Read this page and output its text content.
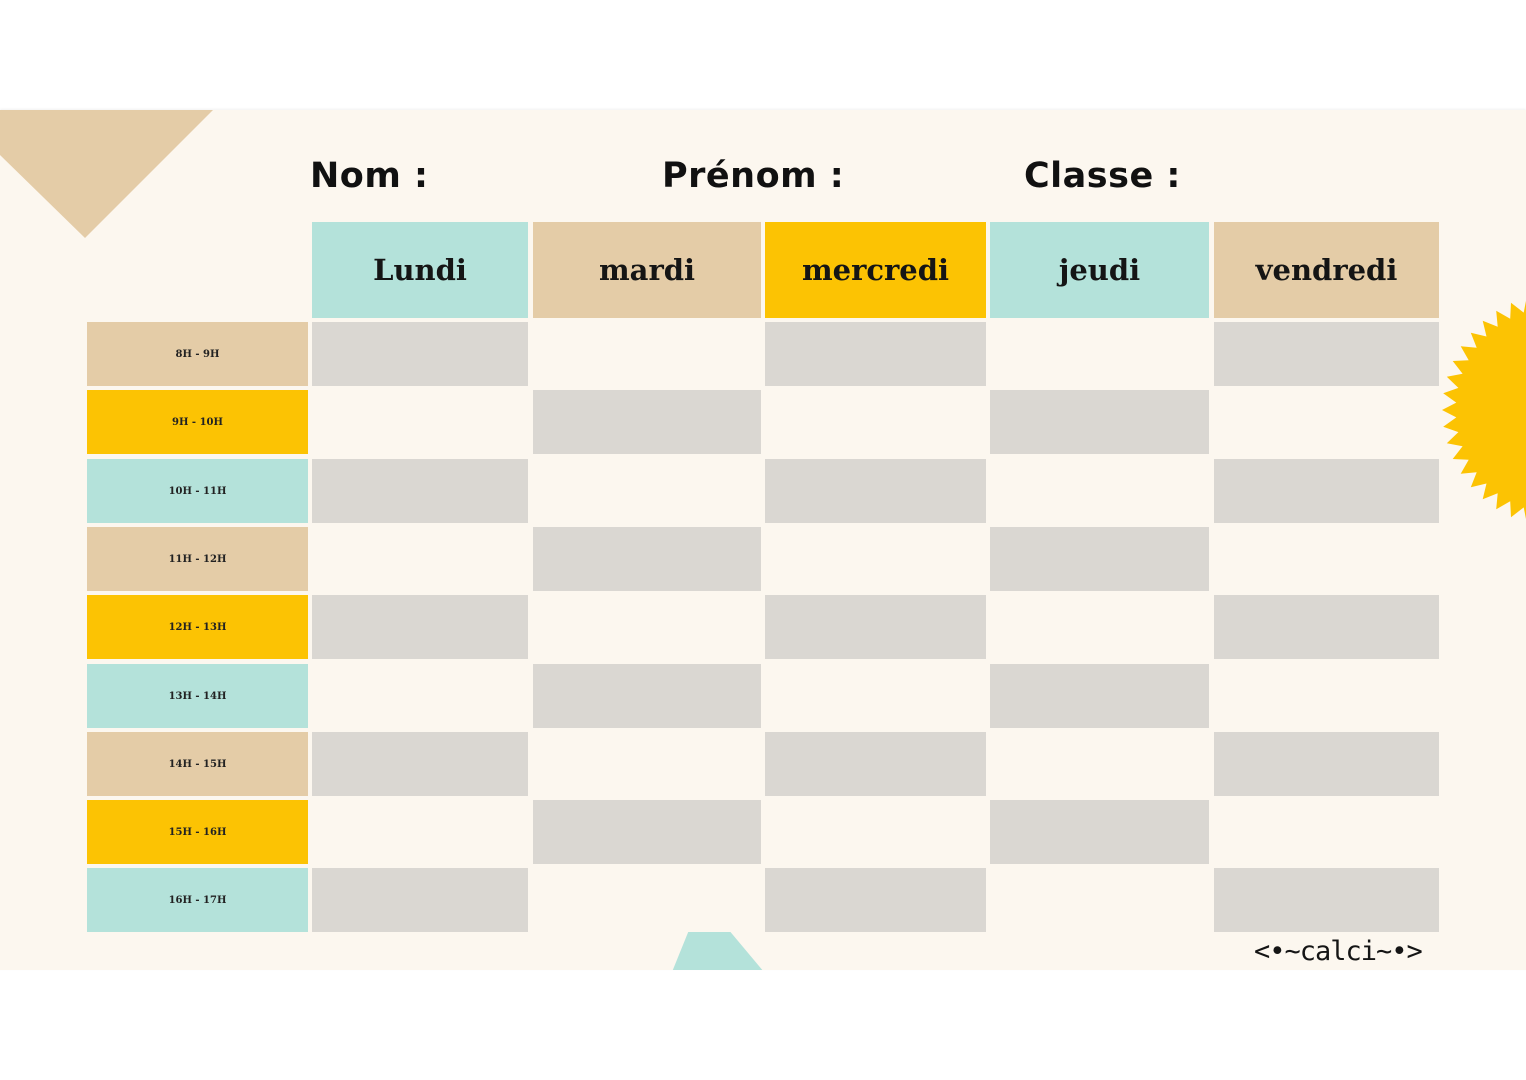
Nom :	Prénom :	Classe :
Lundi	mardi	mercredi	jeudi	vendredi
8H - 9H
9H - 10H
10H - 11H
11H - 12H
12H - 13H
13H - 14H
14H - 15H
15H - 16H
16H - 17H
<•~calci~•>
